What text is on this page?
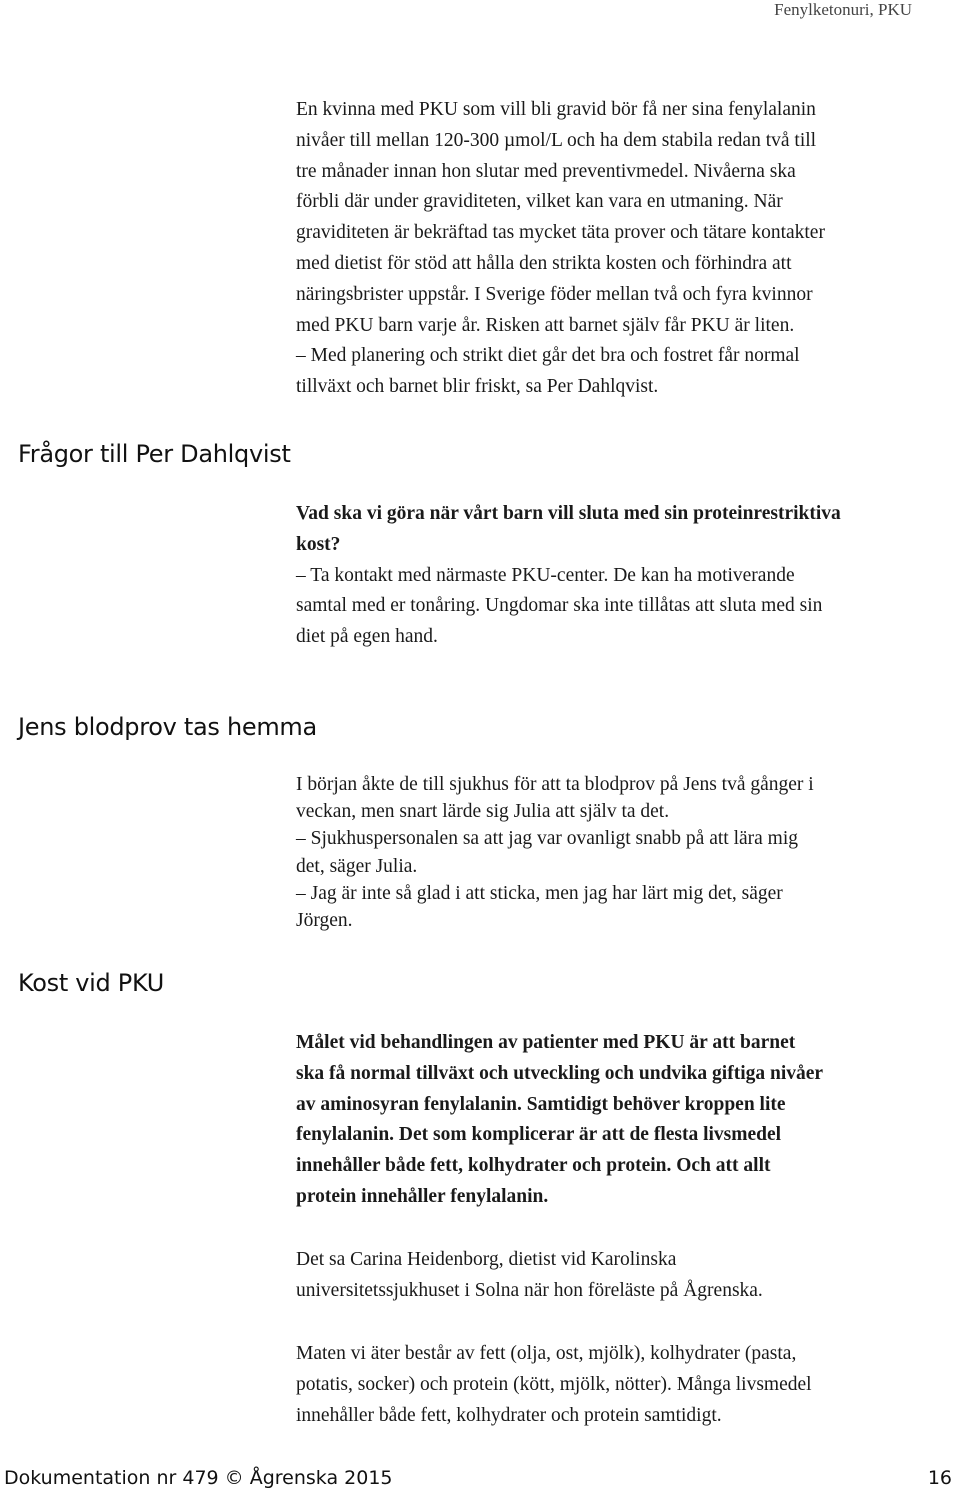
Fenylketonuri, PKU

En kvinna med PKU som vill bli gravid bör få ner sina fenylalanin

nivåer till mellan 120-300 µmol/L och ha dem stabila redan två till

tre månader innan hon slutar med preventivmedel. Nivåerna ska

förbli där under graviditeten, vilket kan vara en utmaning. När

graviditeten är bekräftad tas mycket täta prover och tätare kontakter

med dietist för stöd att hålla den strikta kosten och förhindra att

näringsbrister uppstår. I Sverige föder mellan två och fyra kvinnor

med PKU barn varje år. Risken att barnet själv får PKU är liten.

– Med planering och strikt diet går det bra och fostret får normal

tillväxt och barnet blir friskt, sa Per Dahlqvist.

Frågor till Per Dahlqvist

Vad ska vi göra när vårt barn vill sluta med sin proteinrestriktiva

kost?

– Ta kontakt med närmaste PKU-center. De kan ha motiverande

samtal med er tonåring. Ungdomar ska inte tillåtas att sluta med sin

diet på egen hand.

Jens blodprov tas hemma

I början åkte de till sjukhus för att ta blodprov på Jens två gånger i

veckan, men snart lärde sig Julia att själv ta det.

– Sjukhuspersonalen sa att jag var ovanligt snabb på att lära mig

det, säger Julia.

– Jag är inte så glad i att sticka, men jag har lärt mig det, säger

Jörgen.

Kost vid PKU

Målet vid behandlingen av patienter med PKU är att barnet

ska få normal tillväxt och utveckling och undvika giftiga nivåer

av aminosyran fenylalanin. Samtidigt behöver kroppen lite

fenylalanin. Det som komplicerar är att de flesta livsmedel

innehåller både fett, kolhydrater och protein. Och att allt

protein innehåller fenylalanin.

Det sa Carina Heidenborg, dietist vid Karolinska

universitetssjukhuset i Solna när hon föreläste på Ågrenska.

Maten vi äter består av fett (olja, ost, mjölk), kolhydrater (pasta,

potatis, socker) och protein (kött, mjölk, nötter). Många livsmedel

innehåller både fett, kolhydrater och protein samtidigt.

Dokumentation nr 479 © Ågrenska 2015	16
